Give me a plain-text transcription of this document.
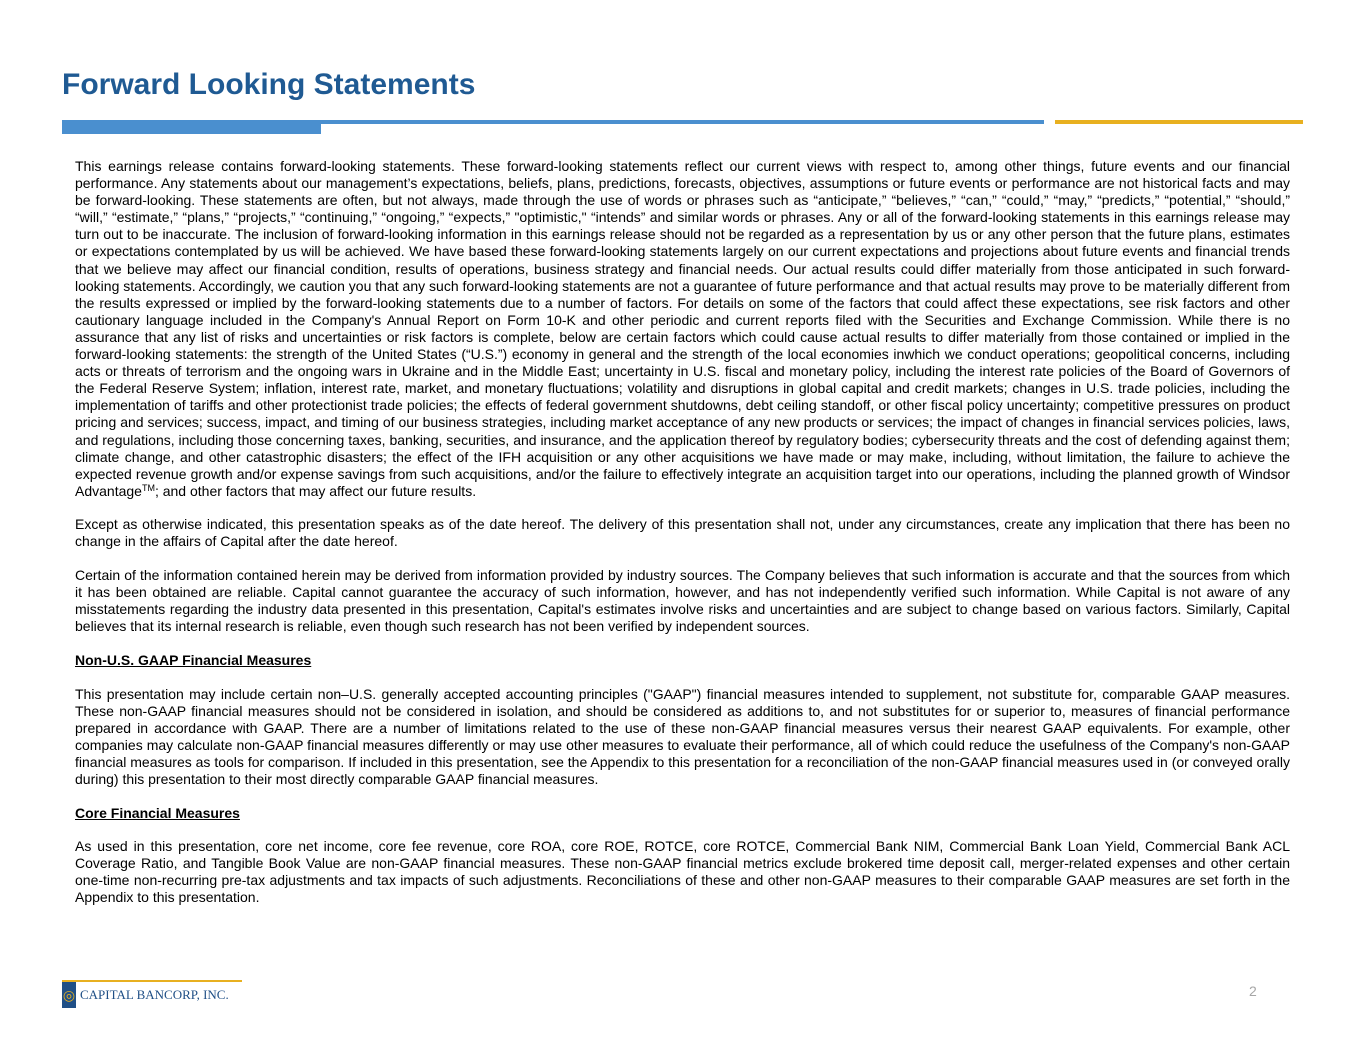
Forward Looking Statements

This earnings release contains forward-looking statements. These forward-looking statements reflect our current views with respect to, among other things, future events and our financial performance. Any statements about our management’s expectations, beliefs, plans, predictions, forecasts, objectives, assumptions or future events or performance are not historical facts and may be forward-looking. These statements are often, but not always, made through the use of words or phrases such as “anticipate,” “believes,” “can,” “could,” “may,” “predicts,” “potential,” “should,” “will,” “estimate,” “plans,” “projects,” “continuing,” “ongoing,” “expects,” "optimistic," “intends” and similar words or phrases. Any or all of the forward-looking statements in this earnings release may turn out to be inaccurate. The inclusion of forward-looking information in this earnings release should not be regarded as a representation by us or any other person that the future plans, estimates or expectations contemplated by us will be achieved. We have based these forward-looking statements largely on our current expectations and projections about future events and financial trends that we believe may affect our financial condition, results of operations, business strategy and financial needs. Our actual results could differ materially from those anticipated in such forward-looking statements. Accordingly, we caution you that any such forward-looking statements are not a guarantee of future performance and that actual results may prove to be materially different from the results expressed or implied by the forward-looking statements due to a number of factors. For details on some of the factors that could affect these expectations, see risk factors and other cautionary language included in the Company's Annual Report on Form 10-K and other periodic and current reports filed with the Securities and Exchange Commission. While there is no assurance that any list of risks and uncertainties or risk factors is complete, below are certain factors which could cause actual results to differ materially from those contained or implied in the forward-looking statements: the strength of the United States (“U.S.”) economy in general and the strength of the local economies inwhich we conduct operations; geopolitical concerns, including acts or threats of terrorism and the ongoing wars in Ukraine and in the Middle East; uncertainty in U.S. fiscal and monetary policy, including the interest rate policies of the Board of Governors of the Federal Reserve System; inflation, interest rate, market, and monetary fluctuations; volatility and disruptions in global capital and credit markets; changes in U.S. trade policies, including the implementation of tariffs and other protectionist trade policies; the effects of federal government shutdowns, debt ceiling standoff, or other fiscal policy uncertainty; competitive pressures on product pricing and services; success, impact, and timing of our business strategies, including market acceptance of any new products or services; the impact of changes in financial services policies, laws, and regulations, including those concerning taxes, banking, securities, and insurance, and the application thereof by regulatory bodies; cybersecurity threats and the cost of defending against them; climate change, and other catastrophic disasters; the effect of the IFH acquisition or any other acquisitions we have made or may make, including, without limitation, the failure to achieve the expected revenue growth and/or expense savings from such acquisitions, and/or the failure to effectively integrate an acquisition target into our operations, including the planned growth of Windsor Advantage™; and other factors that may affect our future results.

Except as otherwise indicated, this presentation speaks as of the date hereof. The delivery of this presentation shall not, under any circumstances, create any implication that there has been no change in the affairs of Capital after the date hereof.

Certain of the information contained herein may be derived from information provided by industry sources. The Company believes that such information is accurate and that the sources from which it has been obtained are reliable. Capital cannot guarantee the accuracy of such information, however, and has not independently verified such information. While Capital is not aware of any misstatements regarding the industry data presented in this presentation, Capital's estimates involve risks and uncertainties and are subject to change based on various factors. Similarly, Capital believes that its internal research is reliable, even though such research has not been verified by independent sources.

Non-U.S. GAAP Financial Measures

This presentation may include certain non–U.S. generally accepted accounting principles ("GAAP") financial measures intended to supplement, not substitute for, comparable GAAP measures. These non-GAAP financial measures should not be considered in isolation, and should be considered as additions to, and not substitutes for or superior to, measures of financial performance prepared in accordance with GAAP. There are a number of limitations related to the use of these non-GAAP financial measures versus their nearest GAAP equivalents. For example, other companies may calculate non-GAAP financial measures differently or may use other measures to evaluate their performance, all of which could reduce the usefulness of the Company's non-GAAP financial measures as tools for comparison. If included in this presentation, see the Appendix to this presentation for a reconciliation of the non-GAAP financial measures used in (or conveyed orally during) this presentation to their most directly comparable GAAP financial measures.

Core Financial Measures

As used in this presentation, core net income, core fee revenue, core ROA, core ROE, ROTCE, core ROTCE, Commercial Bank NIM, Commercial Bank Loan Yield, Commercial Bank ACL Coverage Ratio, and Tangible Book Value are non-GAAP financial measures. These non-GAAP financial metrics exclude brokered time deposit call, merger-related expenses and other certain one-time non-recurring pre-tax adjustments and tax impacts of such adjustments. Reconciliations of these and other non-GAAP measures to their comparable GAAP measures are set forth in the Appendix to this presentation.

◎ CAPITAL BANCORP, INC.	2
